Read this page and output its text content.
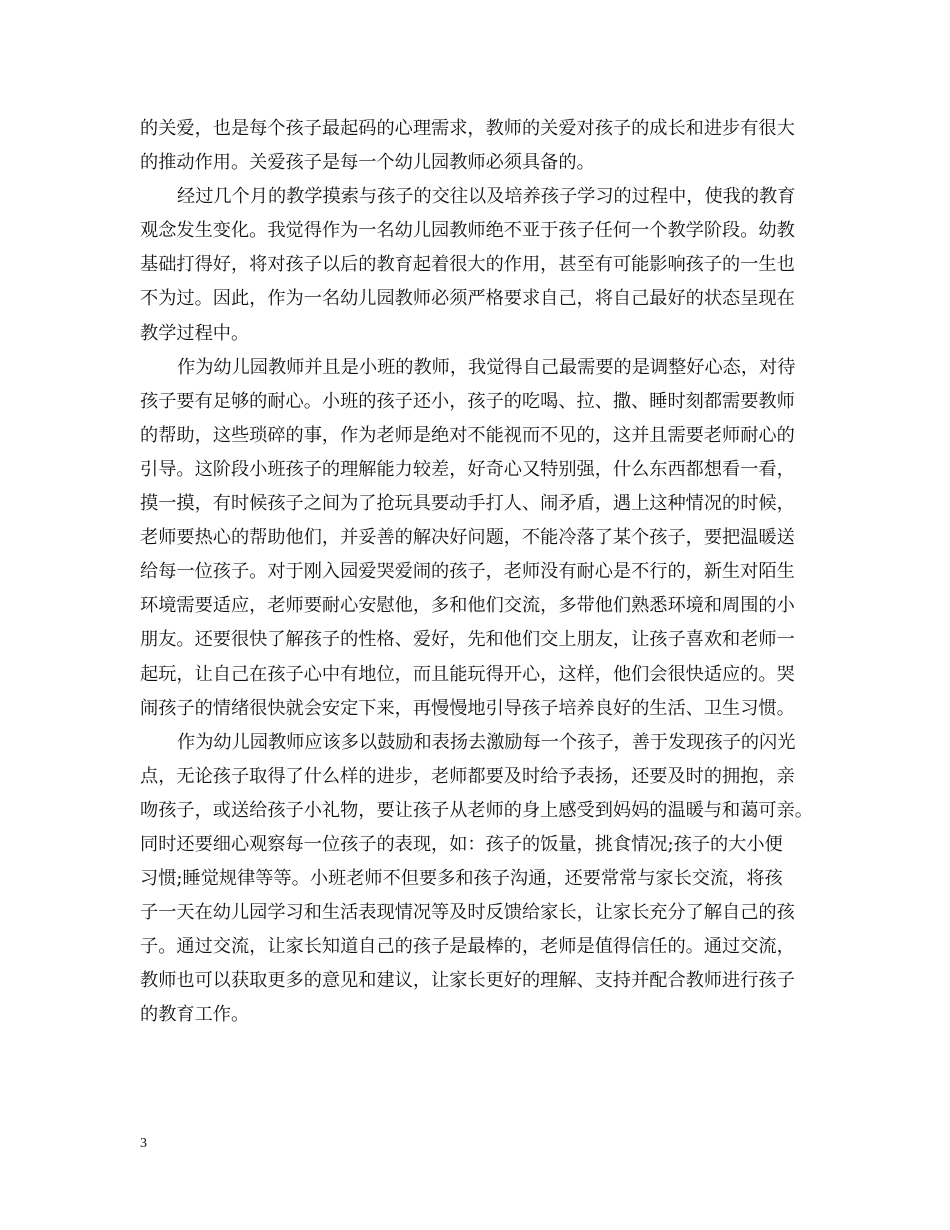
的关爱，也是每个孩子最起码的心理需求，教师的关爱对孩子的成长和进步有很大
的推动作用。关爱孩子是每一个幼儿园教师必须具备的。

经过几个月的教学摸索与孩子的交往以及培养孩子学习的过程中，使我的教育
观念发生变化。我觉得作为一名幼儿园教师绝不亚于孩子任何一个教学阶段。幼教
基础打得好，将对孩子以后的教育起着很大的作用，甚至有可能影响孩子的一生也
不为过。因此，作为一名幼儿园教师必须严格要求自己，将自己最好的状态呈现在
教学过程中。

作为幼儿园教师并且是小班的教师，我觉得自己最需要的是调整好心态，对待
孩子要有足够的耐心。小班的孩子还小，孩子的吃喝、拉、撒、睡时刻都需要教师
的帮助，这些琐碎的事，作为老师是绝对不能视而不见的，这并且需要老师耐心的
引导。这阶段小班孩子的理解能力较差，好奇心又特别强，什么东西都想看一看，
摸一摸，有时候孩子之间为了抢玩具要动手打人、闹矛盾，遇上这种情况的时候，
老师要热心的帮助他们，并妥善的解决好问题，不能冷落了某个孩子，要把温暖送
给每一位孩子。对于刚入园爱哭爱闹的孩子，老师没有耐心是不行的，新生对陌生
环境需要适应，老师要耐心安慰他，多和他们交流，多带他们熟悉环境和周围的小
朋友。还要很快了解孩子的性格、爱好，先和他们交上朋友，让孩子喜欢和老师一
起玩，让自己在孩子心中有地位，而且能玩得开心，这样，他们会很快适应的。哭
闹孩子的情绪很快就会安定下来，再慢慢地引导孩子培养良好的生活、卫生习惯。

作为幼儿园教师应该多以鼓励和表扬去激励每一个孩子，善于发现孩子的闪光
点，无论孩子取得了什么样的进步，老师都要及时给予表扬，还要及时的拥抱，亲
吻孩子，或送给孩子小礼物，要让孩子从老师的身上感受到妈妈的温暖与和蔼可亲。
同时还要细心观察每一位孩子的表现，如：孩子的饭量，挑食情况;孩子的大小便
习惯;睡觉规律等等。小班老师不但要多和孩子沟通，还要常常与家长交流，将孩
子一天在幼儿园学习和生活表现情况等及时反馈给家长，让家长充分了解自己的孩
子。通过交流，让家长知道自己的孩子是最棒的，老师是值得信任的。通过交流，
教师也可以获取更多的意见和建议，让家长更好的理解、支持并配合教师进行孩子
的教育工作。

3
